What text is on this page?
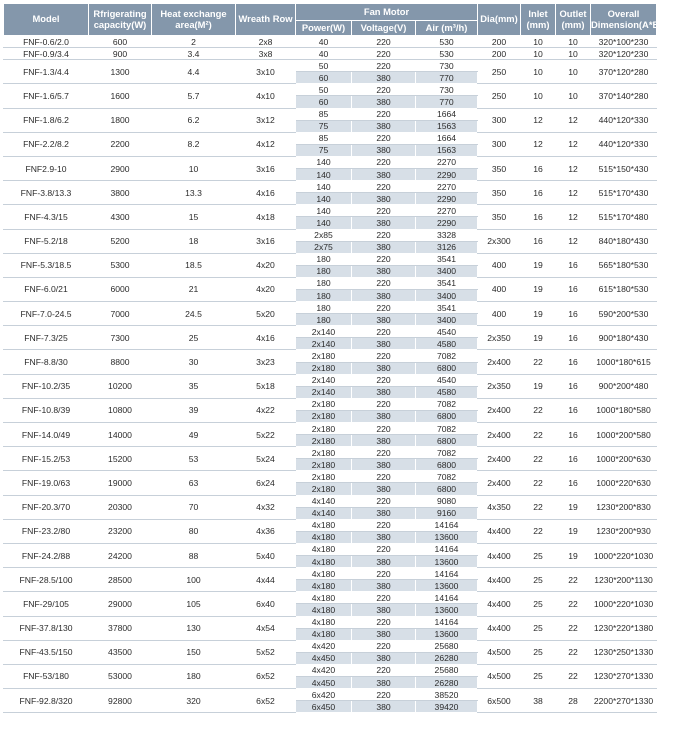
Model	Rfrigerating capacity(W)	Heat exchange area(M²)	Wreath Row	Fan Motor			Dia(mm)	Inlet (mm)	Outlet (mm)	Overall Dimension(A*B*C)
				Power(W)	Voltage(V)	Air (m³/h)				
FNF-0.6/2.0	600	2	2x8	40	220	530	200	10	10	320*100*230
FNF-0.9/3.4	900	3.4	3x8	40	220	530	200	10	10	320*120*230
FNF-1.3/4.4	1300	4.4	3x10	50	220	730	250	10	10	370*120*280
				60	380	770				
FNF-1.6/5.7	1600	5.7	4x10	50	220	730	250	10	10	370*140*280
				60	380	770				
FNF-1.8/6.2	1800	6.2	3x12	85	220	1664	300	12	12	440*120*330
				75	380	1563				
FNF-2.2/8.2	2200	8.2	4x12	85	220	1664	300	12	12	440*120*330
				75	380	1563				
FNF2.9-10	2900	10	3x16	140	220	2270	350	16	12	515*150*430
				140	380	2290				
FNF-3.8/13.3	3800	13.3	4x16	140	220	2270	350	16	12	515*170*430
				140	380	2290				
FNF-4.3/15	4300	15	4x18	140	220	2270	350	16	12	515*170*480
				140	380	2290				
FNF-5.2/18	5200	18	3x16	2x85	220	3328	2x300	16	12	840*180*430
				2x75	380	3126				
FNF-5.3/18.5	5300	18.5	4x20	180	220	3541	400	19	16	565*180*530
				180	380	3400				
FNF-6.0/21	6000	21	4x20	180	220	3541	400	19	16	615*180*530
				180	380	3400				
FNF-7.0-24.5	7000	24.5	5x20	180	220	3541	400	19	16	590*200*530
				180	380	3400				
FNF-7.3/25	7300	25	4x16	2x140	220	4540	2x350	19	16	900*180*430
				2x140	380	4580				
FNF-8.8/30	8800	30	3x23	2x180	220	7082	2x400	22	16	1000*180*615
				2x180	380	6800				
FNF-10.2/35	10200	35	5x18	2x140	220	4540	2x350	19	16	900*200*480
				2x140	380	4580				
FNF-10.8/39	10800	39	4x22	2x180	220	7082	2x400	22	16	1000*180*580
				2x180	380	6800				
FNF-14.0/49	14000	49	5x22	2x180	220	7082	2x400	22	16	1000*200*580
				2x180	380	6800				
FNF-15.2/53	15200	53	5x24	2x180	220	7082	2x400	22	16	1000*200*630
				2x180	380	6800				
FNF-19.0/63	19000	63	6x24	2x180	220	7082	2x400	22	16	1000*220*630
				2x180	380	6800				
FNF-20.3/70	20300	70	4x32	4x140	220	9080	4x350	22	19	1230*200*830
				4x140	380	9160				
FNF-23.2/80	23200	80	4x36	4x180	220	14164	4x400	22	19	1230*200*930
				4x180	380	13600				
FNF-24.2/88	24200	88	5x40	4x180	220	14164	4x400	25	19	1000*220*1030
				4x180	380	13600				
FNF-28.5/100	28500	100	4x44	4x180	220	14164	4x400	25	22	1230*200*1130
				4x180	380	13600				
FNF-29/105	29000	105	6x40	4x180	220	14164	4x400	25	22	1000*220*1030
				4x180	380	13600				
FNF-37.8/130	37800	130	4x54	4x180	220	14164	4x400	25	22	1230*220*1380
				4x180	380	13600				
FNF-43.5/150	43500	150	5x52	4x420	220	25680	4x500	25	22	1230*250*1330
				4x450	380	26280				
FNF-53/180	53000	180	6x52	4x420	220	25680	4x500	25	22	1230*270*1330
				4x450	380	26280				
FNF-92.8/320	92800	320	6x52	6x420	220	38520	6x500	38	28	2200*270*1330
				6x450	380	39420				
